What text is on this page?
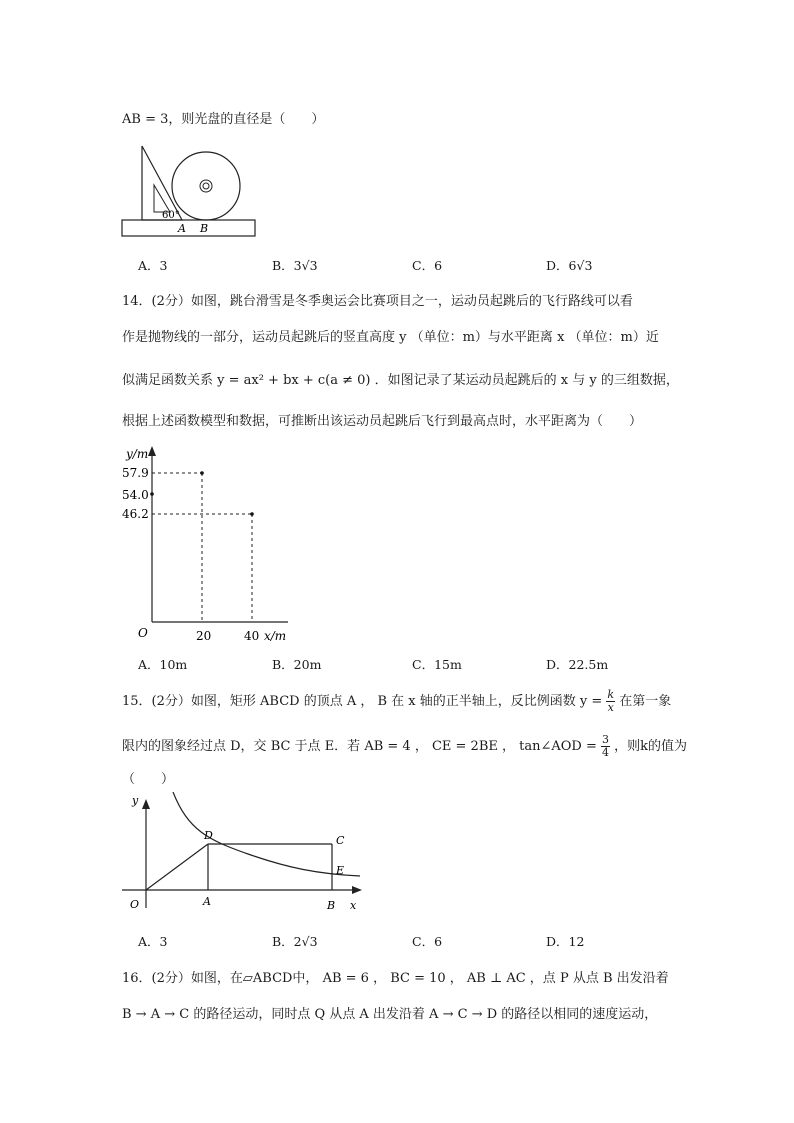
AB = 3，则光盘的直径是（　　）
60°
A B
A．3	B．3√3	C．6	D．6√3
14．(2分）如图，跳台滑雪是冬季奥运会比赛项目之一，运动员起跳后的飞行路线可以看
作是抛物线的一部分，运动员起跳后的竖直高度 y （单位：m）与水平距离 x （单位：m）近
似满足函数关系 y = ax² + bx + c(a ≠ 0) ．如图记录了某运动员起跳后的 x 与 y 的三组数据，
根据上述函数模型和数据，可推断出该运动员起跳后飞行到最高点时，水平距离为（　　）
y/m
x/m
O
57.9
54.0
46.2
20	40
A．10m	B．20m	C．15m	D．22.5m
15．(2分）如图，矩形 ABCD 的顶点 A ， B 在 x 轴的正半轴上，反比例函数 $y = \frac{k}{x}$ 在第一象
限内的图象经过点 D，交 BC 于点 E．若 AB = 4 ， CE = 2BE ， tan∠AOD = $\frac{3}{4}$ ，则k的值为
（　　）
y
x
O	A	B
C
D
E
A．3	B．2√3	C．6	D．12
16．(2分）如图，在▱ABCD中， AB = 6 ， BC = 10 ， AB ⊥ AC ，点 P 从点 B 出发沿着
B → A → C 的路径运动，同时点 Q 从点 A 出发沿着 A → C → D 的路径以相同的速度运动，
